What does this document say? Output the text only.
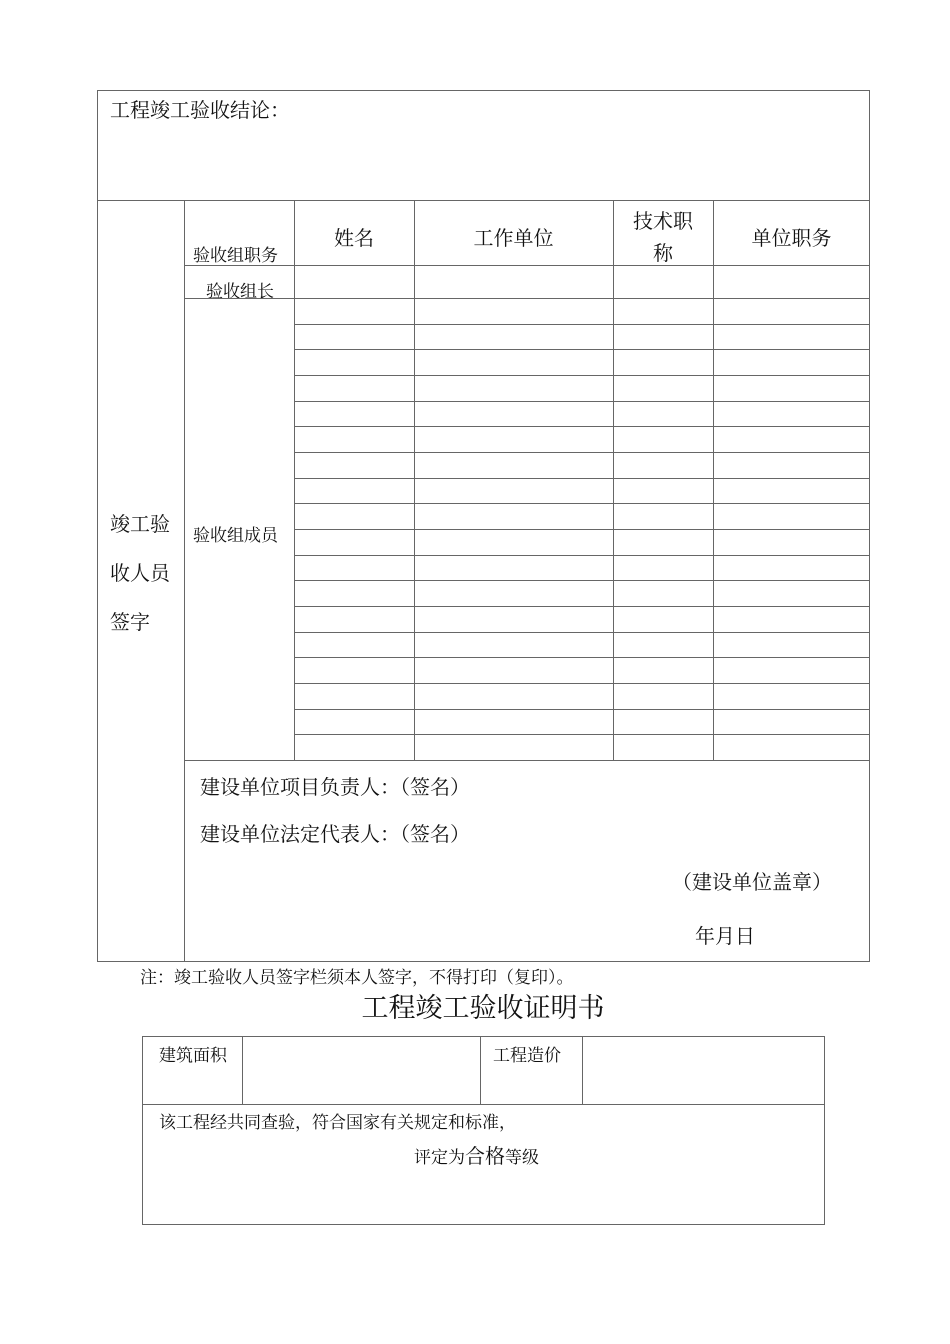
工程竣工验收结论：
竣工验
收人员
签字
验收组职务
姓名	工作单位
技术职
称
单位职务
验收组长
验收组成员
建设单位项目负责人：（签名）
建设单位法定代表人：（签名）
（建设单位盖章）
年月日
注：竣工验收人员签字栏须本人签字，不得打印（复印）。
工程竣工验收证明书
建筑面积	工程造价
该工程经共同查验，符合国家有关规定和标准，
评定为合格等级
